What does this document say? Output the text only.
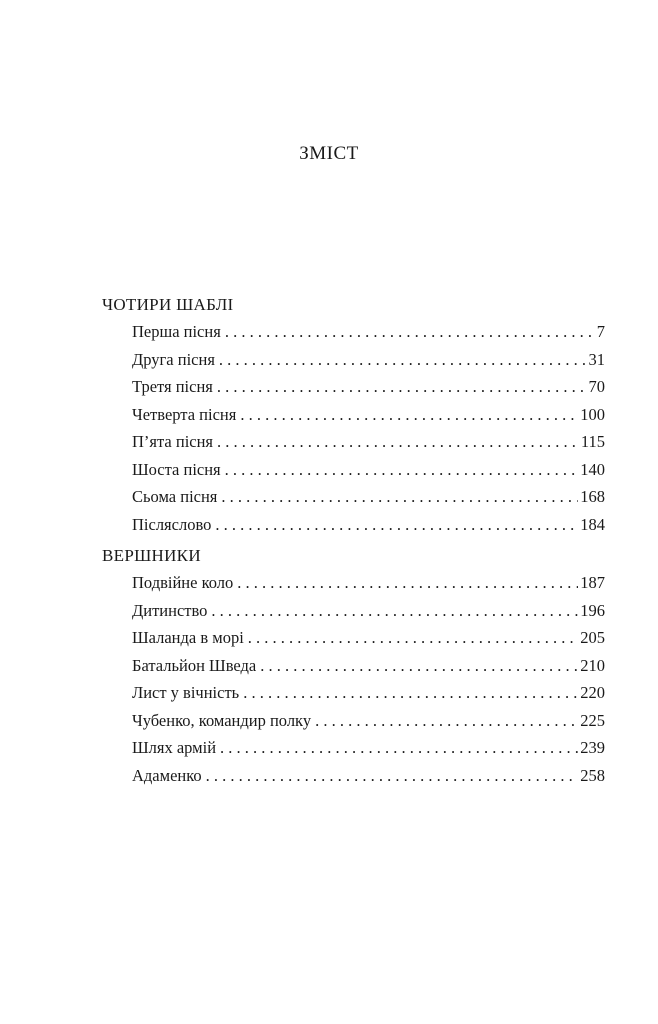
ЗМІСТ
ЧОТИРИ ШАБЛІ
Перша пісня . . .	7
Друга пісня . . .	31
Третя пісня . . .	70
Четверта пісня . . .	100
П’ята пісня . . .	115
Шоста пісня . . .	140
Сьома пісня . . .	168
Післяслово . . .	184
ВЕРШНИКИ
Подвійне коло . . .	187
Дитинство . . .	196
Шаланда в морі . . .	205
Батальйон Шведа . . .	210
Лист у вічність . . .	220
Чубенко, командир полку . . .	225
Шлях армій . . .	239
Адаменко . . .	258
